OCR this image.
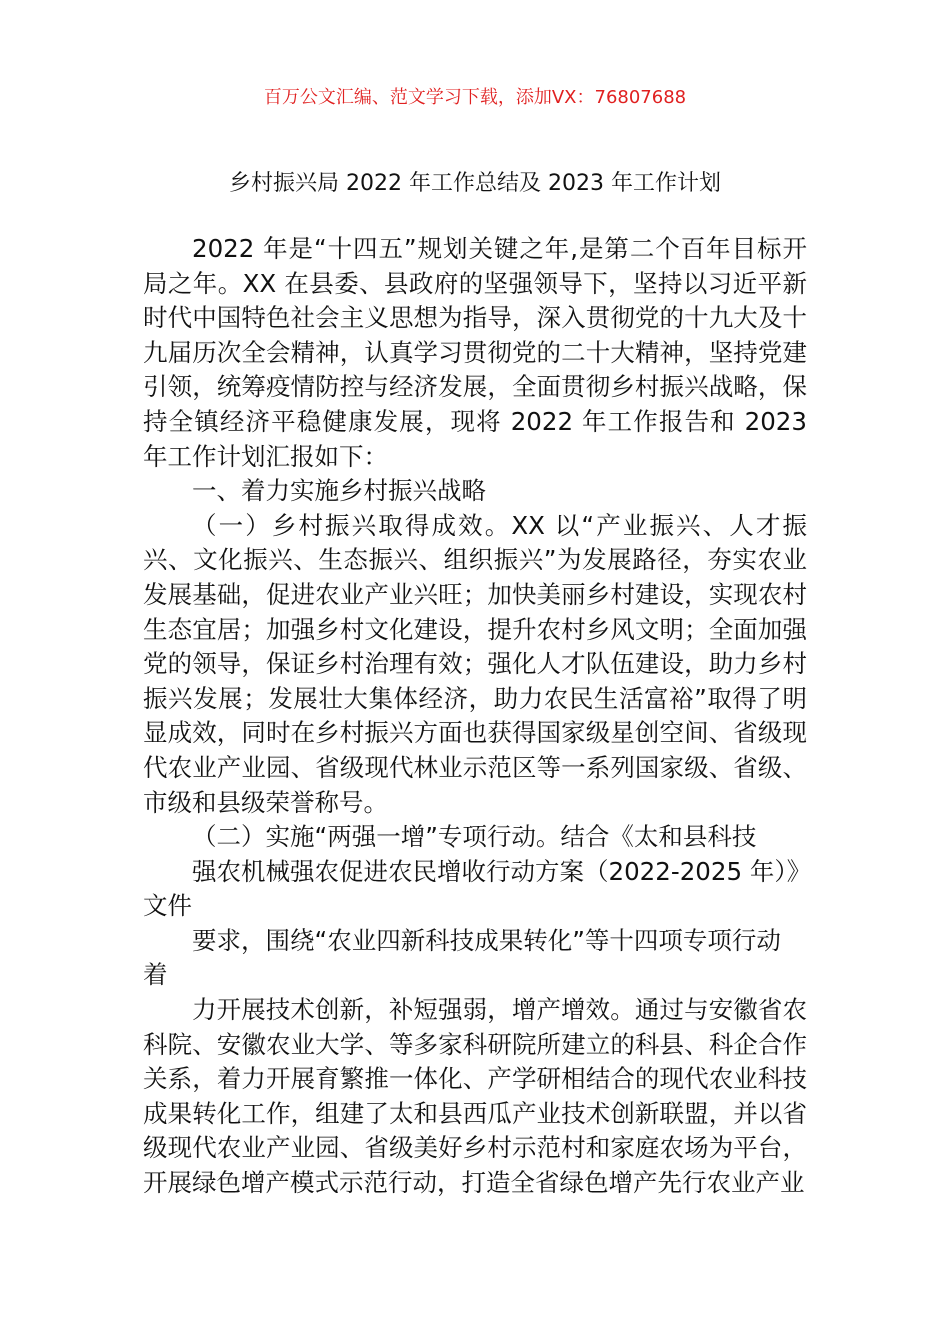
百万公文汇编、范文学习下载，添加VX：76807688
乡村振兴局 2022 年工作总结及 2023 年工作计划

2022 年是“十四五”规划关键之年,是第二个百年目标开局之年。XX 在县委、县政府的坚强领导下，坚持以习近平新时代中国特色社会主义思想为指导，深入贯彻党的十九大及十九届历次全会精神，认真学习贯彻党的二十大精神，坚持党建引领，统筹疫情防控与经济发展，全面贯彻乡村振兴战略，保持全镇经济平稳健康发展，现将 2022 年工作报告和 2023 年工作计划汇报如下：

一、着力实施乡村振兴战略

（一）乡村振兴取得成效。XX 以“产业振兴、人才振兴、文化振兴、生态振兴、组织振兴”为发展路径，夯实农业发展基础，促进农业产业兴旺；加快美丽乡村建设，实现农村生态宜居；加强乡村文化建设，提升农村乡风文明；全面加强党的领导，保证乡村治理有效；强化人才队伍建设，助力乡村振兴发展；发展壮大集体经济，助力农民生活富裕”取得了明显成效，同时在乡村振兴方面也获得国家级星创空间、省级现代农业产业园、省级现代林业示范区等一系列国家级、省级、市级和县级荣誉称号。

（二）实施“两强一增”专项行动。结合《太和县科技

强农机械强农促进农民增收行动方案（2022-2025 年）》

文件

要求，围绕“农业四新科技成果转化”等十四项专项行动

着

力开展技术创新，补短强弱，增产增效。通过与安徽省农科院、安徽农业大学、等多家科研院所建立的科县、科企合作关系，着力开展育繁推一体化、产学研相结合的现代农业科技成果转化工作，组建了太和县西瓜产业技术创新联盟，并以省级现代农业产业园、省级美好乡村示范村和家庭农场为平台，开展绿色增产模式示范行动，打造全省绿色增产先行农业产业
